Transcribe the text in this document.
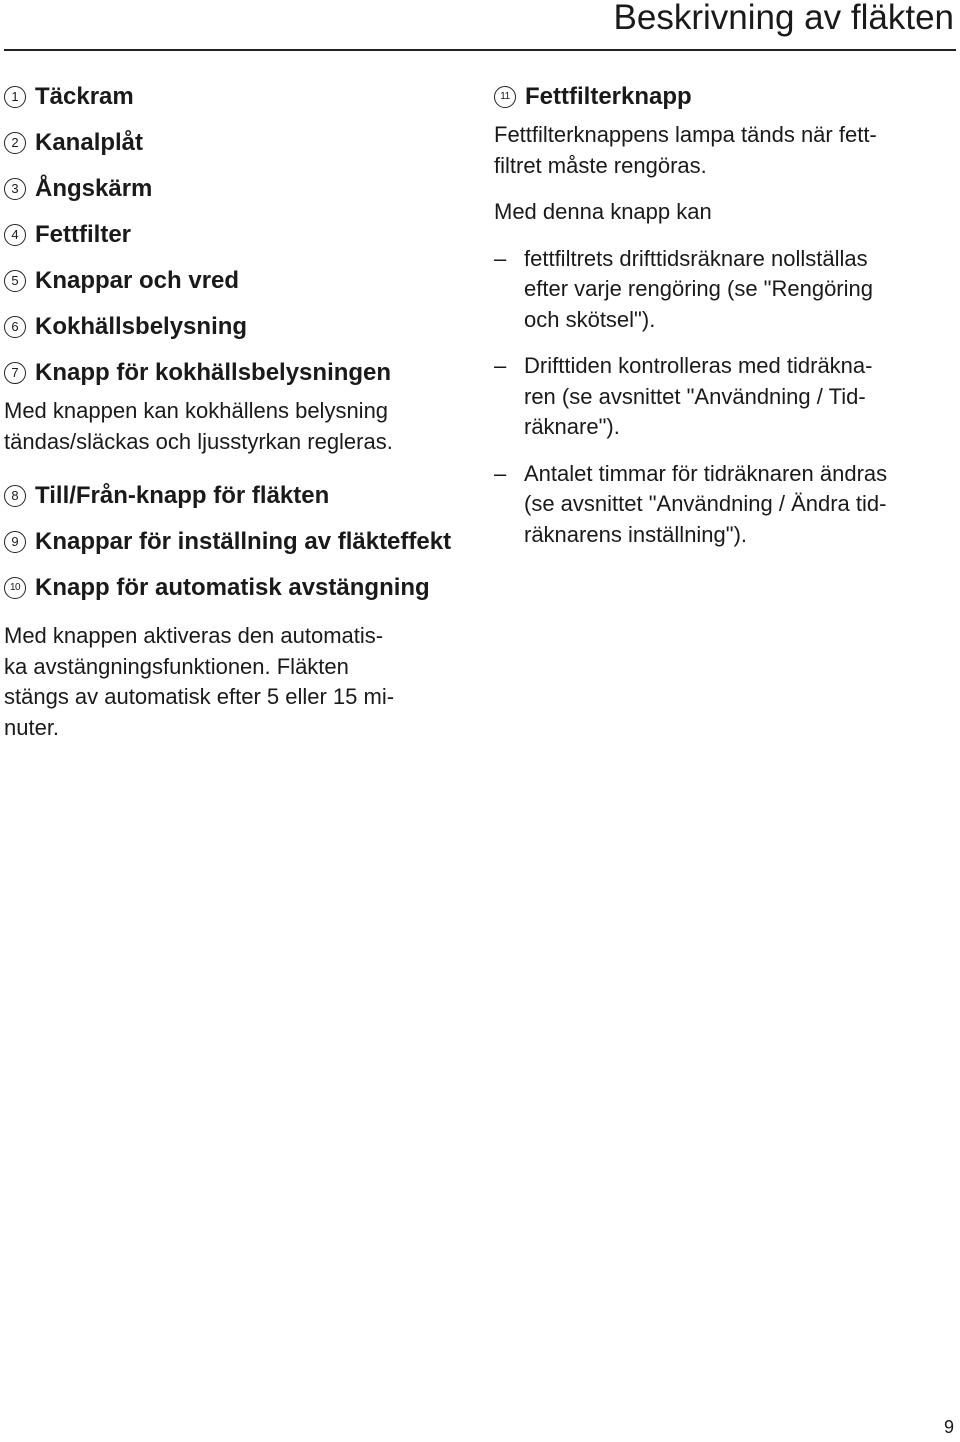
Beskrivning av fläkten
1 Täckram
2 Kanalplåt
3 Ångskärm
4 Fettfilter
5 Knappar och vred
6 Kokhällsbelysning
7 Knapp för kokhällsbelysningen

Med knappen kan kokhällens belysning
tändas/släckas och ljusstyrkan regleras.

8 Till/Från-knapp för fläkten
9 Knappar för inställning av fläkteffekt
10 Knapp för automatisk avstängning

Med knappen aktiveras den automatis-
ka avstängningsfunktionen. Fläkten
stängs av automatisk efter 5 eller 15 mi-
nuter.

11 Fettfilterknapp

Fettfilterknappens lampa tänds när fett-
filtret måste rengöras.

Med denna knapp kan

– fettfiltrets drifttidsräknare nollställas
efter varje rengöring (se "Rengöring
och skötsel").
– Drifttiden kontrolleras med tidräkna-
ren (se avsnittet "Användning / Tid-
räknare").
– Antalet timmar för tidräknaren ändras
(se avsnittet "Användning / Ändra tid-
räknarens inställning").
9
